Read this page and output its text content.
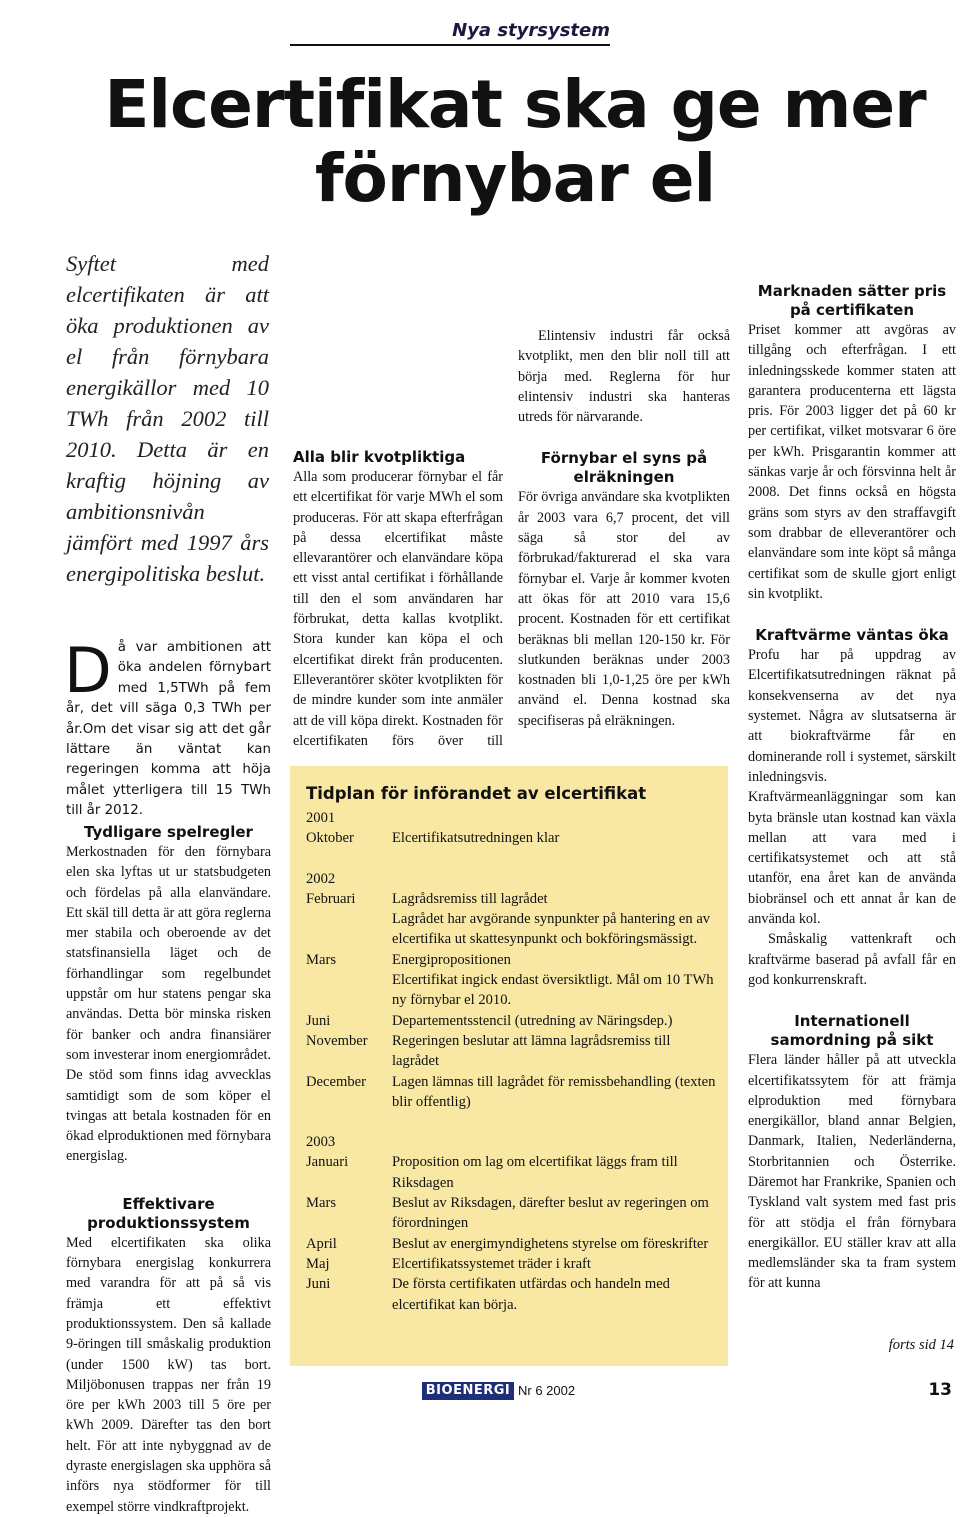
Nya styrsystem
Elcertifikat ska ge mer förnybar el
Syftet med elcertifikaten är att öka produktionen av el från förnybara energikällor med 10 TWh från 2002 till 2010. Detta är en kraftig höjning av ambitionsnivån jämfört med 1997 års energipolitiska beslut.
Då var ambitionen att öka andelen förnybart med 1,5TWh på fem år, det vill säga 0,3 TWh per år.Om det visar sig att det går lättare än väntat kan regeringen komma att höja målet ytterligera till 15 TWh till år 2012.
Tydligare spelregler

Merkostnaden för den förnybara elen ska lyftas ut ur statsbudgeten och fördelas på alla elanvändare. Ett skäl till detta är att göra reglerna mer stabila och oberoende av det statsfinansiella läget och de förhandlingar som regelbundet uppstår om hur statens pengar ska användas. Detta bör minska risken för banker och andra finansiärer som investerar inom energiområdet. De stöd som finns idag avvecklas samtidigt som de som köper el tvingas att betala kostnaden för en ökad elproduktionen med förnybara energislag.

Effektivare produktionssystem

Med elcertifikaten ska olika förnybara energislag konkurrera med varandra för att på så vis främja ett effektivt produktionssystem. Den så kallade 9-öringen till småskalig produktion (under 1500 kW) tas bort. Miljöbonusen trappas ner från 19 öre per kWh 2003 till 5 öre per kWh 2009. Därefter tas den bort helt. För att inte nybyggnad av de dyraste energislagen ska upphöra så införs nya stödformer för till exempel större vindkraftprojekt.

Alla blir kvotpliktiga

Alla som producerar förnybar el får ett elcertifikat för varje MWh el som produceras. För att skapa efterfrågan på dessa elcertifikat måste ellevarantörer och elanvändare köpa ett visst antal certifikat i förhållande till den el som användaren har förbrukat, detta kallas kvotplikt. Stora kunder kan köpa el och elcertifikat direkt från producenten. Elleverantörer sköter kvotplikten för de mindre kunder som inte anmäler att de vill köpa direkt. Kostnaden för elcertifikaten förs över till

Elintensiv industri får också kvotplikt, men den blir noll till att börja med. Reglerna för hur elintensiv industri ska hanteras utreds för närvarande.

Förnybar el syns på elräkningen

För övriga användare ska kvotplikten år 2003 vara 6,7 procent, det vill säga så stor del av förbrukad/fakturerad el ska vara förnybar el. Varje år kommer kvoten att ökas för att 2010 vara 15,6 procent. Kostnaden för ett certifikat beräknas bli mellan 120-150 kr. För slutkunden beräknas under 2003 kostnaden bli 1,0-1,25 öre per kWh använd el. Denna kostnad ska specifiseras på elräkningen.

Marknaden sätter pris på certifikaten

Priset kommer att avgöras av tillgång och efterfrågan. I ett inledningsskede kommer staten att garantera producenterna ett lägsta pris. För 2003 ligger det på 60 kr per certifikat, vilket motsvarar 6 öre per kWh. Prisgarantin kommer att sänkas varje år och försvinna helt år 2008. Det finns också en högsta gräns som styrs av den straffavgift som drabbar de elleverantörer och elanvändare som inte köpt så många certifikat som de skulle gjort enligt sin kvotplikt.

Kraftvärme väntas öka

Profu har på uppdrag av Elcertifikatsutredningen räknat på konsekvenserna av det nya systemet. Några av slutsatserna är att biokraftvärme får en dominerande roll i systemet, särskilt inledningsvis. Kraftvärmeanläggningar som kan byta bränsle utan kostnad kan växla mellan att vara med i certifikatsystemet och att stå utanför, ena året kan de använda biobränsel och ett annat år kan de använda kol.

Småskalig vattenkraft och kraftvärme baserad på avfall får en god konkurrenskraft.

Internationell samordning på sikt

Flera länder håller på att utveckla elcertifikatssytem för att främja elproduktion med förnybara energikällor, bland annar Belgien, Danmark, Italien, Nederländerna, Storbritannien och Österrike. Däremot har Frankrike, Spanien och Tyskland valt system med fast pris för att stödja el från förnybara energikällor. EU ställer krav att alla medlemsländer ska ta fram system för att kunna

forts sid 14
Tidplan för införandet av elcertifikat
2001
Oktober	Elcertifikatsutredningen klar
2002
Februari	Lagrådsremiss till lagrådet
Lagrådet har avgörande synpunkter på hantering en av elcertifika ut skattesynpunkt och bokföringsmässigt.
Mars	Energipropositionen
Elcertifikat ingick endast översiktligt. Mål om 10 TWh ny förnybar el 2010.
Juni	Departementsstencil (utredning av Näringsdep.)
November	Regeringen beslutar att lämna lagrådsremiss till lagrådet
December	Lagen lämnas till lagrådet för remissbehandling (texten blir offentlig)
2003
Januari	Proposition om lag om elcertifikat läggs fram till Riksdagen
Mars	Beslut av Riksdagen, därefter beslut av regeringen om förordningen
April	Beslut av energimyndighetens styrelse om föreskrifter
Maj	Elcertifikatssystemet träder i kraft
Juni	De första certifikaten utfärdas och handeln med elcertifikat kan börja.
BIOENERGI Nr 6 2002	13
